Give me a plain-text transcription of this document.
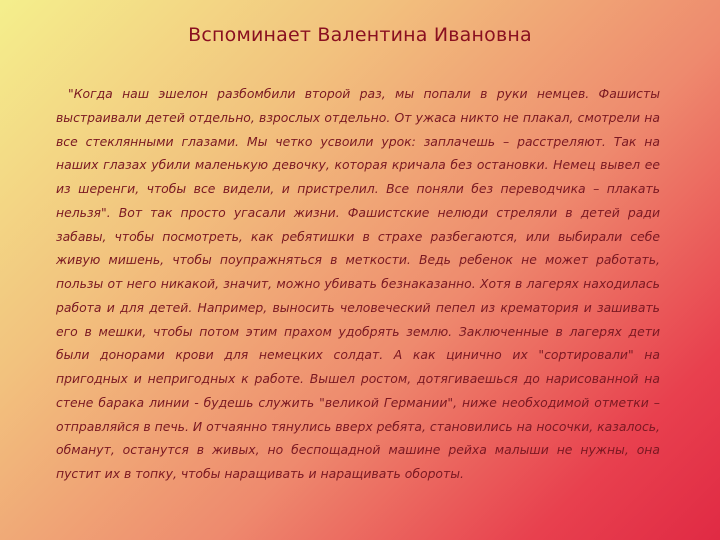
Вспоминает Валентина Ивановна

"Когда наш эшелон разбомбили второй раз, мы попали в руки немцев. Фашисты выстраивали детей отдельно, взрослых отдельно. От ужаса никто не плакал, смотрели на все стеклянными глазами. Мы четко усвоили урок: заплачешь – расстреляют. Так на наших глазах убили маленькую девочку, которая кричала без остановки. Немец вывел ее из шеренги, чтобы все видели, и пристрелил. Все поняли без переводчика – плакать нельзя". Вот так просто угасали жизни. Фашистские нелюди стреляли в детей ради забавы, чтобы посмотреть, как ребятишки в страхе разбегаются, или выбирали себе живую мишень, чтобы поупражняться в меткости. Ведь ребенок не может работать, пользы от него никакой, значит, можно убивать безнаказанно. Хотя в лагерях находилась работа и для детей. Например, выносить человеческий пепел из крематория и зашивать его в мешки, чтобы потом этим прахом удобрять землю. Заключенные в лагерях дети были донорами крови для немецких солдат. А как цинично их "сортировали" на пригодных и непригодных к работе. Вышел ростом, дотягиваешься до нарисованной на стене барака линии - будешь служить "великой Германии", ниже необходимой отметки – отправляйся в печь. И отчаянно тянулись вверх ребята, становились на носочки, казалось, обманут, останутся в живых, но беспощадной машине рейха малыши не нужны, она пустит их в топку, чтобы наращивать и наращивать обороты.
